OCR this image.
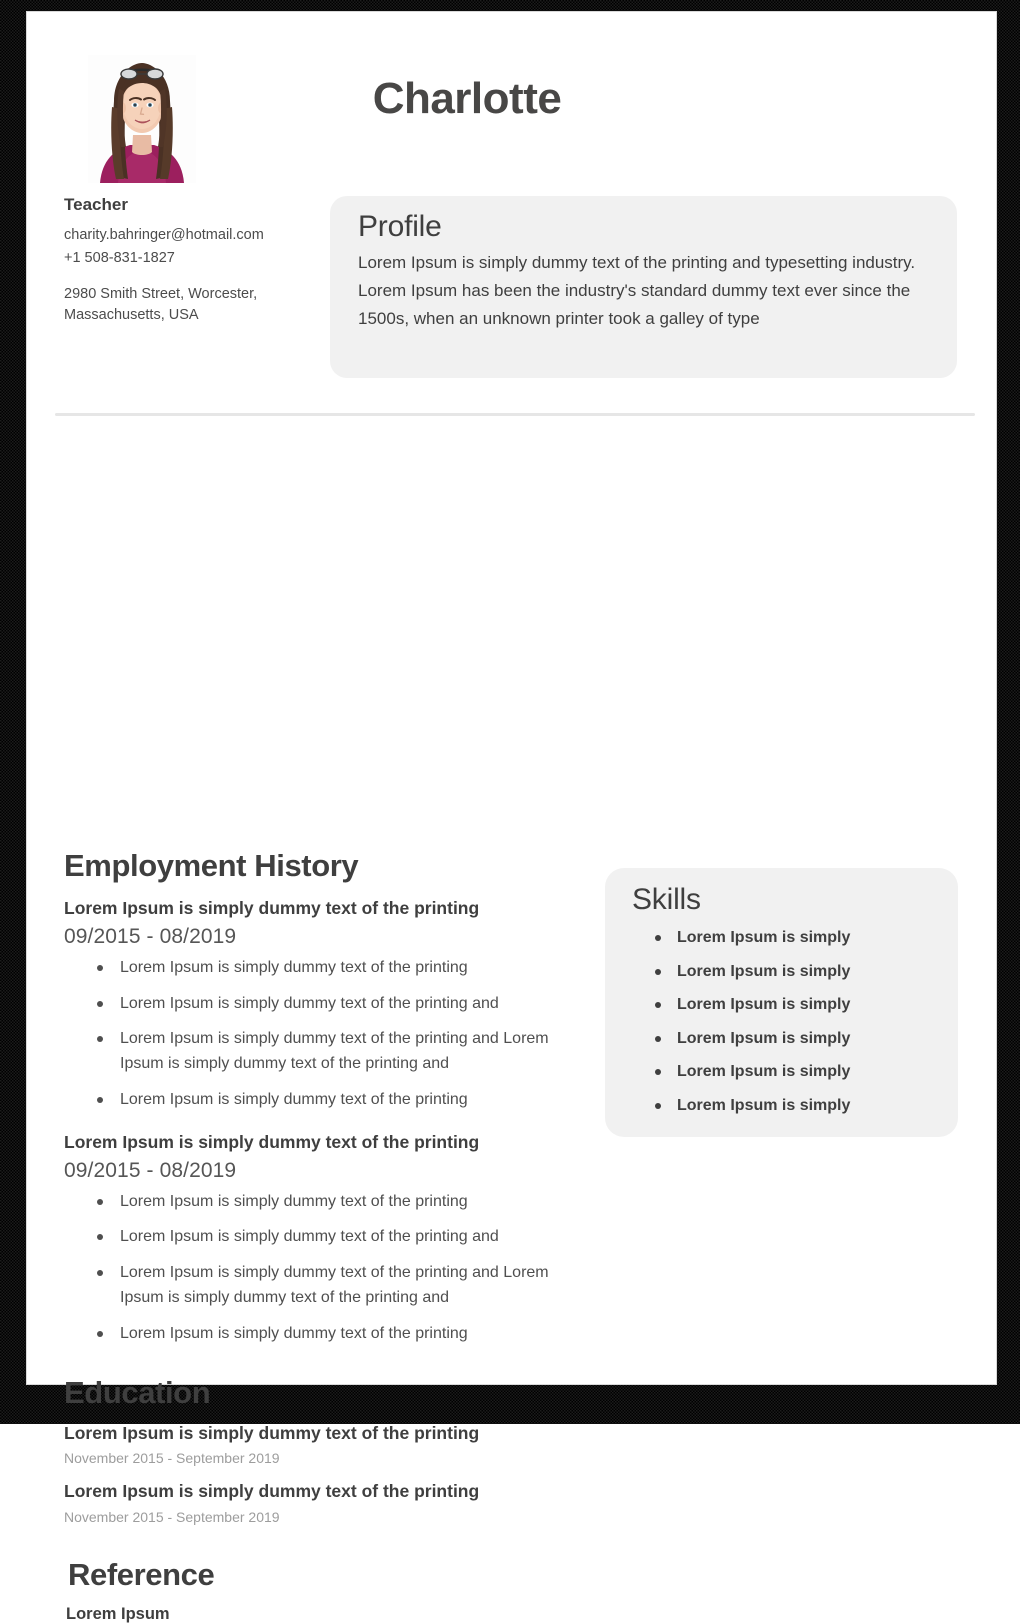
Charlotte
Teacher
charity.bahringer@hotmail.com
+1 508-831-1827
2980 Smith Street, Worcester, Massachusetts, USA
Profile
Lorem Ipsum is simply dummy text of the printing and typesetting industry. Lorem Ipsum has been the industry's standard dummy text ever since the 1500s, when an unknown printer took a galley of type
Employment History
Lorem Ipsum is simply dummy text of the printing
09/2015 - 08/2019
Lorem Ipsum is simply dummy text of the printing
Lorem Ipsum is simply dummy text of the printing and
Lorem Ipsum is simply dummy text of the printing and Lorem Ipsum is simply dummy text of the printing and
Lorem Ipsum is simply dummy text of the printing
Lorem Ipsum is simply dummy text of the printing
09/2015 - 08/2019
Lorem Ipsum is simply dummy text of the printing
Lorem Ipsum is simply dummy text of the printing and
Lorem Ipsum is simply dummy text of the printing and Lorem Ipsum is simply dummy text of the printing and
Lorem Ipsum is simply dummy text of the printing
Education
Lorem Ipsum is simply dummy text of the printing
November 2015 - September 2019
Lorem Ipsum is simply dummy text of the printing
November 2015 - September 2019
Reference
Lorem Ipsum
Skills
Lorem Ipsum is simply
Lorem Ipsum is simply
Lorem Ipsum is simply
Lorem Ipsum is simply
Lorem Ipsum is simply
Lorem Ipsum is simply
